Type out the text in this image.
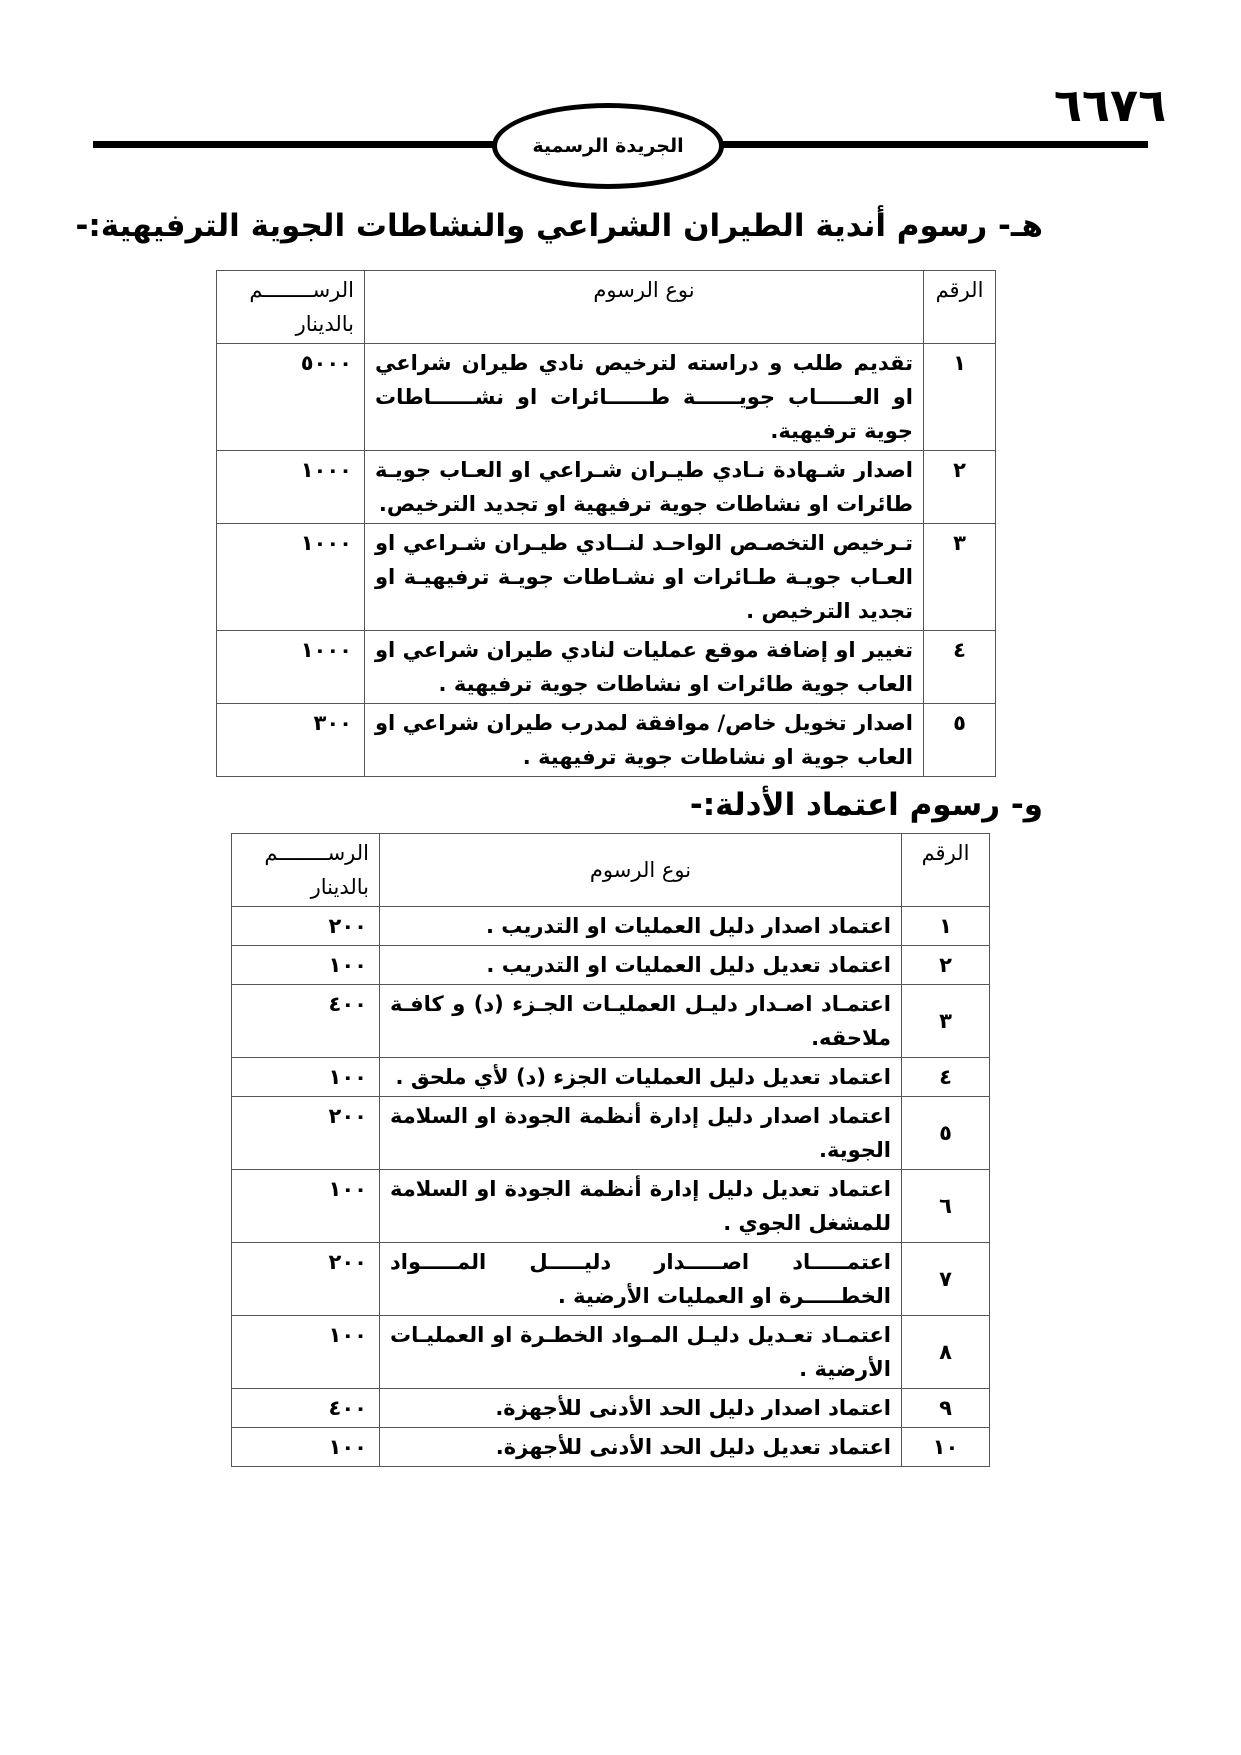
٦٦٧٦
الجريدة الرسمية
هـ- رسوم أندية الطيران الشراعي والنشاطات الجوية الترفيهية:-
الرقم	نوع الرسوم	الرســــــــم
بالدينار

١	تقديم طلب و دراسته لترخيص نادي طيران شراعي او العـــــاب جويــــــة طــــــائرات او نشــــــاطات جوية ترفيهية.	٥٠٠٠
٢	اصدار شـهادة نـادي طيـران شـراعي او العـاب جويـة طائرات او نشاطات جوية ترفيهية او تجديد الترخيص.	١٠٠٠
٣	تـرخيص التخصـص الواحـد لنــادي طيـران شـراعي او العـاب جويـة طـائرات او نشـاطات جويـة ترفيهيـة او تجديد الترخيص .	١٠٠٠
٤	تغيير او إضافة موقع عمليات لنادي طيران شراعي او العاب جوية طائرات او نشاطات جوية ترفيهية .	١٠٠٠
٥	اصدار تخويل خاص/ موافقة لمدرب طيران شراعي او العاب جوية او نشاطات جوية ترفيهية .	٣٠٠
و- رسوم اعتماد الأدلة:-
الرقم	نوع الرسوم	الرســــــــم
بالدينار

١	اعتماد اصدار دليل العمليات او التدريب .	٢٠٠
٢	اعتماد تعديل دليل العمليات او التدريب .	١٠٠
٣	اعتمـاد اصـدار دليـل العمليـات الجـزء (د) و كافـة ملاحقه.	٤٠٠
٤	اعتماد تعديل دليل العمليات الجزء (د) لأي ملحق .	١٠٠
٥	اعتماد اصدار دليل إدارة أنظمة الجودة او السلامة الجوية.	٢٠٠
٦	اعتماد تعديل دليل إدارة أنظمة الجودة او السلامة للمشغل الجوي .	١٠٠
٧	اعتمـــــاد اصـــــدار دليـــــل المـــــواد الخطـــــرة او العمليات الأرضية .	٢٠٠
٨	اعتمـاد تعـديل دليـل المـواد الخطـرة او العمليـات الأرضية .	١٠٠
٩	اعتماد اصدار دليل الحد الأدنى للأجهزة.	٤٠٠
١٠	اعتماد تعديل دليل الحد الأدنى للأجهزة.	١٠٠
